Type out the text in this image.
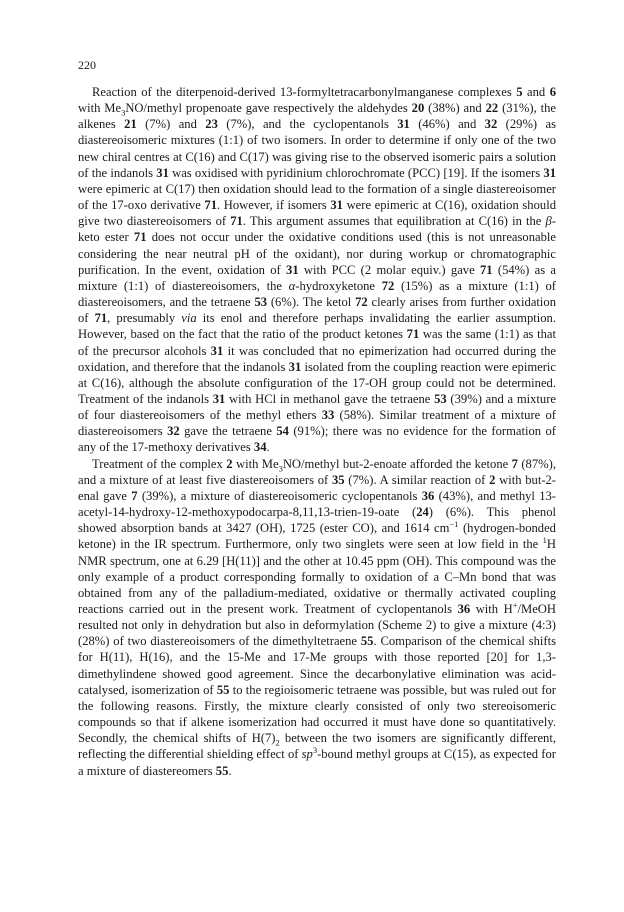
220

Reaction of the diterpenoid-derived 13-formyltetracarbonylmanganese complexes 5 and 6 with $Me_3NO$/methyl propenoate gave respectively the aldehydes 20 (38%) and 22 (31%), the alkenes 21 (7%) and 23 (7%), and the cyclopentanols 31 (46%) and 32 (29%) as diastereoisomeric mixtures (1:1) of two isomers. In order to determine if only one of the two new chiral centres at C(16) and C(17) was giving rise to the observed isomeric pairs a solution of the indanols 31 was oxidised with pyridinium chlorochromate (PCC) [19]. If the isomers 31 were epimeric at C(17) then oxidation should lead to the formation of a single diastereoisomer of the 17-oxo derivative 71. However, if isomers 31 were epimeric at C(16), oxidation should give two diastereoisomers of 71. This argument assumes that equilibration at C(16) in the β-keto ester 71 does not occur under the oxidative conditions used (this is not unreasonable considering the near neutral pH of the oxidant), nor during workup or chromatographic purification. In the event, oxidation of 31 with PCC (2 molar equiv.) gave 71 (54%) as a mixture (1:1) of diastereoisomers, the α-hydroxyketone 72 (15%) as a mixture (1:1) of diastereoisomers, and the tetraene 53 (6%). The ketol 72 clearly arises from further oxidation of 71, presumably via its enol and therefore perhaps invalidating the earlier assumption. However, based on the fact that the ratio of the product ketones 71 was the same (1:1) as that of the precursor alcohols 31 it was concluded that no epimerization had occurred during the oxidation, and therefore that the indanols 31 isolated from the coupling reaction were epimeric at C(16), although the absolute configuration of the 17-OH group could not be determined. Treatment of the indanols 31 with HCl in methanol gave the tetraene 53 (39%) and a mixture of four diastereoisomers of the methyl ethers 33 (58%). Similar treatment of a mixture of diastereoisomers 32 gave the tetraene 54 (91%); there was no evidence for the formation of any of the 17-methoxy derivatives 34.

Treatment of the complex 2 with $Me_3NO$/methyl but-2-enoate afforded the ketone 7 (87%), and a mixture of at least five diastereoisomers of 35 (7%). A similar reaction of 2 with but-2-enal gave 7 (39%), a mixture of diastereoisomeric cyclopentanols 36 (43%), and methyl 13-acetyl-14-hydroxy-12-methoxypodocarpa-8,11,13-trien-19-oate (24) (6%). This phenol showed absorption bands at 3427 (OH), 1725 (ester CO), and 1614 $cm^{-1}$ (hydrogen-bonded ketone) in the IR spectrum. Furthermore, only two singlets were seen at low field in the $^1$H NMR spectrum, one at 6.29 [H(11)] and the other at 10.45 ppm (OH). This compound was the only example of a product corresponding formally to oxidation of a C–Mn bond that was obtained from any of the palladium-mediated, oxidative or thermally activated coupling reactions carried out in the present work. Treatment of cyclopentanols 36 with H+/MeOH resulted not only in dehydration but also in deformylation (Scheme 2) to give a mixture (4:3) (28%) of two diastereoisomers of the dimethyltetraene 55. Comparison of the chemical shifts for H(11), H(16), and the 15-Me and 17-Me groups with those reported [20] for 1,3-dimethylindene showed good agreement. Since the decarbonylative elimination was acid-catalysed, isomerization of 55 to the regioisomeric tetraene was possible, but was ruled out for the following reasons. Firstly, the mixture clearly consisted of only two stereoisomeric compounds so that if alkene isomerization had occurred it must have done so quantitatively. Secondly, the chemical shifts of $H(7)_2$ between the two isomers are significantly different, reflecting the differential shielding effect of $sp^3$-bound methyl groups at C(15), as expected for a mixture of diastereomers 55.
